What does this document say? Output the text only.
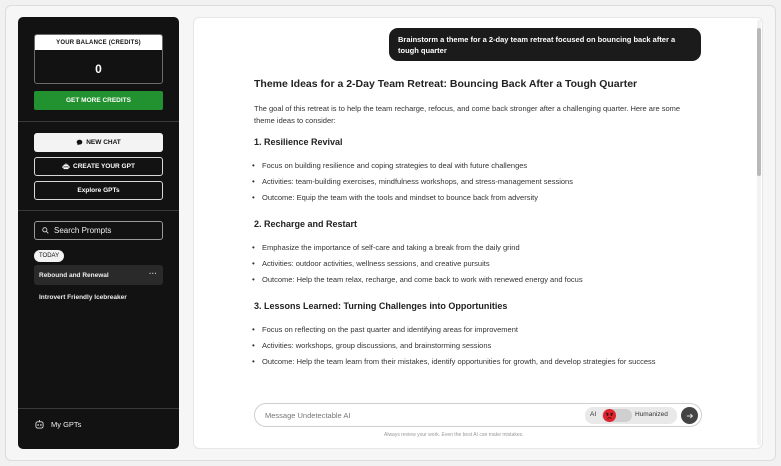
YOUR BALANCE (CREDITS)
0
GET MORE CREDITS
NEW CHAT
CREATE YOUR GPT
Explore GPTs
Search Prompts
TODAY
Rebound and Renewal	···
Introvert Friendly Icebreaker
My GPTs
Brainstorm a theme for a 2-day team retreat focused on bouncing back after a tough quarter
Theme Ideas for a 2-Day Team Retreat: Bouncing Back After a Tough Quarter

The goal of this retreat is to help the team recharge, refocus, and come back stronger after a challenging quarter. Here are some theme ideas to consider:

1. Resilience Revival
• Focus on building resilience and coping strategies to deal with future challenges
• Activities: team-building exercises, mindfulness workshops, and stress-management sessions
• Outcome: Equip the team with the tools and mindset to bounce back from adversity
2. Recharge and Restart
• Emphasize the importance of self-care and taking a break from the daily grind
• Activities: outdoor activities, wellness sessions, and creative pursuits
• Outcome: Help the team relax, recharge, and come back to work with renewed energy and focus
3. Lessons Learned: Turning Challenges into Opportunities
• Focus on reflecting on the past quarter and identifying areas for improvement
• Activities: workshops, group discussions, and brainstorming sessions
• Outcome: Help the team learn from their mistakes, identify opportunities for growth, and develop strategies for success
Message Undetectable AI
AI	Humanized
Always review your work. Even the best AI can make mistakes.
